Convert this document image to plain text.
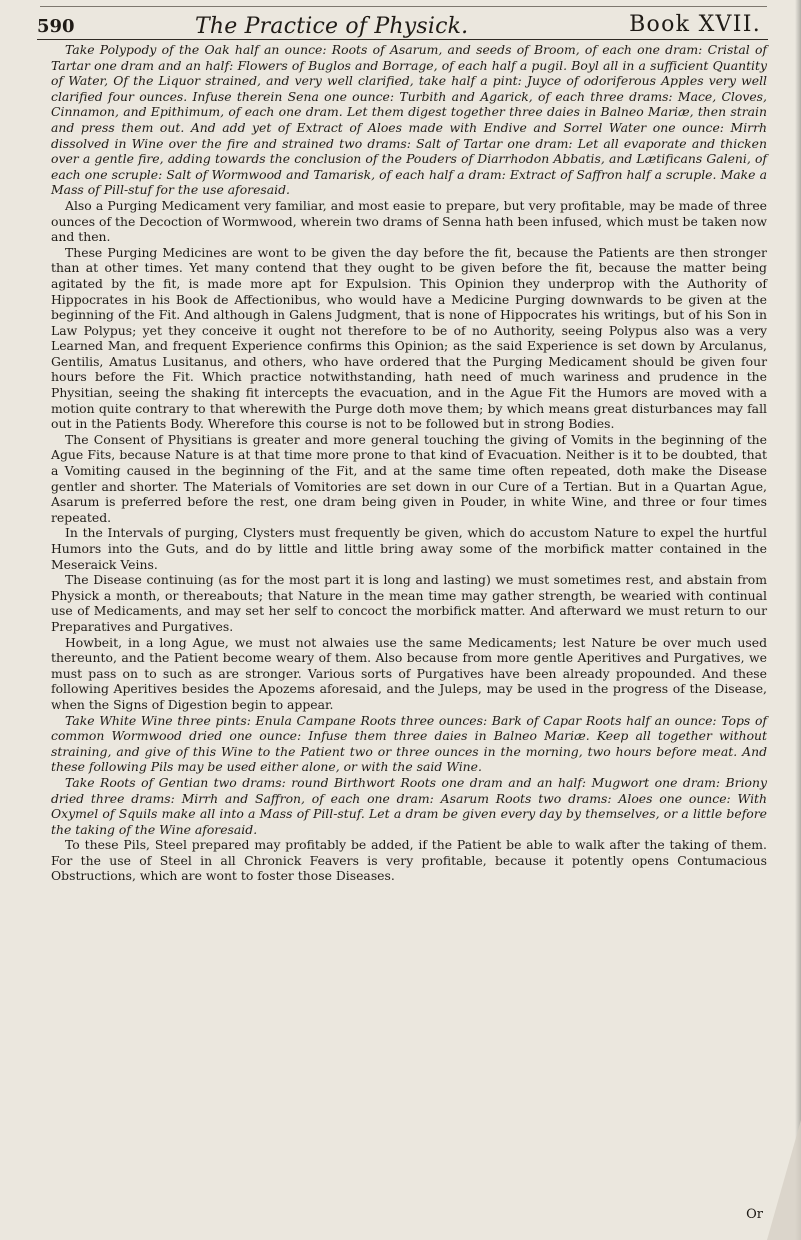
590	The Practice of Physick.	Book XVII.

Take Polypody of the Oak half an ounce: Roots of Asarum, and seeds of Broom, of each one dram: Cristal of Tartar one dram and an half: Flowers of Buglos and Borrage, of each half a pugil. Boyl all in a sufficient Quantity of Water, Of the Liquor strained, and very well clarified, take half a pint: Juyce of odoriferous Apples very well clarified four ounces. Infuse therein Sena one ounce: Turbith and Agarick, of each three drams: Mace, Cloves, Cinnamon, and Epithimum, of each one dram. Let them digest together three daies in Balneo Mariæ, then strain and press them out. And add yet of Extract of Aloes made with Endive and Sorrel Water one ounce: Mirrh dissolved in Wine over the fire and strained two drams: Salt of Tartar one dram: Let all evaporate and thicken over a gentle fire, adding towards the conclusion of the Pouders of Diarrhodon Abbatis, and Lætificans Galeni, of each one scruple: Salt of Wormwood and Tamarisk, of each half a dram: Extract of Saffron half a scruple. Make a Mass of Pill-stuf for the use aforesaid.

Also a Purging Medicament very familiar, and most easie to prepare, but very profitable, may be made of three ounces of the Decoction of Wormwood, wherein two drams of Senna hath been infused, which must be taken now and then.

These Purging Medicines are wont to be given the day before the fit, because the Patients are then stronger than at other times. Yet many contend that they ought to be given before the fit, because the matter being agitated by the fit, is made more apt for Expulsion. This Opinion they underprop with the Authority of Hippocrates in his Book de Affectionibus, who would have a Medicine Purging downwards to be given at the beginning of the Fit. And although in Galens Judgment, that is none of Hippocrates his writings, but of his Son in Law Polypus; yet they conceive it ought not therefore to be of no Authority, seeing Polypus also was a very Learned Man, and frequent Experience confirms this Opinion; as the said Experience is set down by Arculanus, Gentilis, Amatus Lusitanus, and others, who have ordered that the Purging Medicament should be given four hours before the Fit. Which practice notwithstanding, hath need of much wariness and prudence in the Physitian, seeing the shaking fit intercepts the evacuation, and in the Ague Fit the Humors are moved with a motion quite contrary to that wherewith the Purge doth move them; by which means great disturbances may fall out in the Patients Body. Wherefore this course is not to be followed but in strong Bodies.

The Consent of Physitians is greater and more general touching the giving of Vomits in the beginning of the Ague Fits, because Nature is at that time more prone to that kind of Evacuation. Neither is it to be doubted, that a Vomiting caused in the beginning of the Fit, and at the same time often repeated, doth make the Disease gentler and shorter. The Materials of Vomitories are set down in our Cure of a Tertian. But in a Quartan Ague, Asarum is preferred before the rest, one dram being given in Pouder, in white Wine, and three or four times repeated.

In the Intervals of purging, Clysters must frequently be given, which do accustom Nature to expel the hurtful Humors into the Guts, and do by little and little bring away some of the morbifick matter contained in the Meseraick Veins.

The Disease continuing (as for the most part it is long and lasting) we must sometimes rest, and abstain from Physick a month, or thereabouts; that Nature in the mean time may gather strength, be wearied with continual use of Medicaments, and may set her self to concoct the morbifick matter. And afterward we must return to our Preparatives and Purgatives.

Howbeit, in a long Ague, we must not alwaies use the same Medicaments; lest Nature be over much used thereunto, and the Patient become weary of them. Also because from more gentle Aperitives and Purgatives, we must pass on to such as are stronger. Various sorts of Purgatives have been already propounded. And these following Aperitives besides the Apozems aforesaid, and the Juleps, may be used in the progress of the Disease, when the Signs of Digestion begin to appear.

Take White Wine three pints: Enula Campane Roots three ounces: Bark of Capar Roots half an ounce: Tops of common Wormwood dried one ounce: Infuse them three daies in Balneo Mariæ. Keep all together without straining, and give of this Wine to the Patient two or three ounces in the morning, two hours before meat. And these following Pils may be used either alone, or with the said Wine.

Take Roots of Gentian two drams: round Birthwort Roots one dram and an half: Mugwort one dram: Briony dried three drams: Mirrh and Saffron, of each one dram: Asarum Roots two drams: Aloes one ounce: With Oxymel of Squils make all into a Mass of Pill-stuf. Let a dram be given every day by themselves, or a little before the taking of the Wine aforesaid.

To these Pils, Steel prepared may profitably be added, if the Patient be able to walk after the taking of them. For the use of Steel in all Chronick Feavers is very profitable, because it potently opens Contumacious Obstructions, which are wont to foster those Diseases.

Or
